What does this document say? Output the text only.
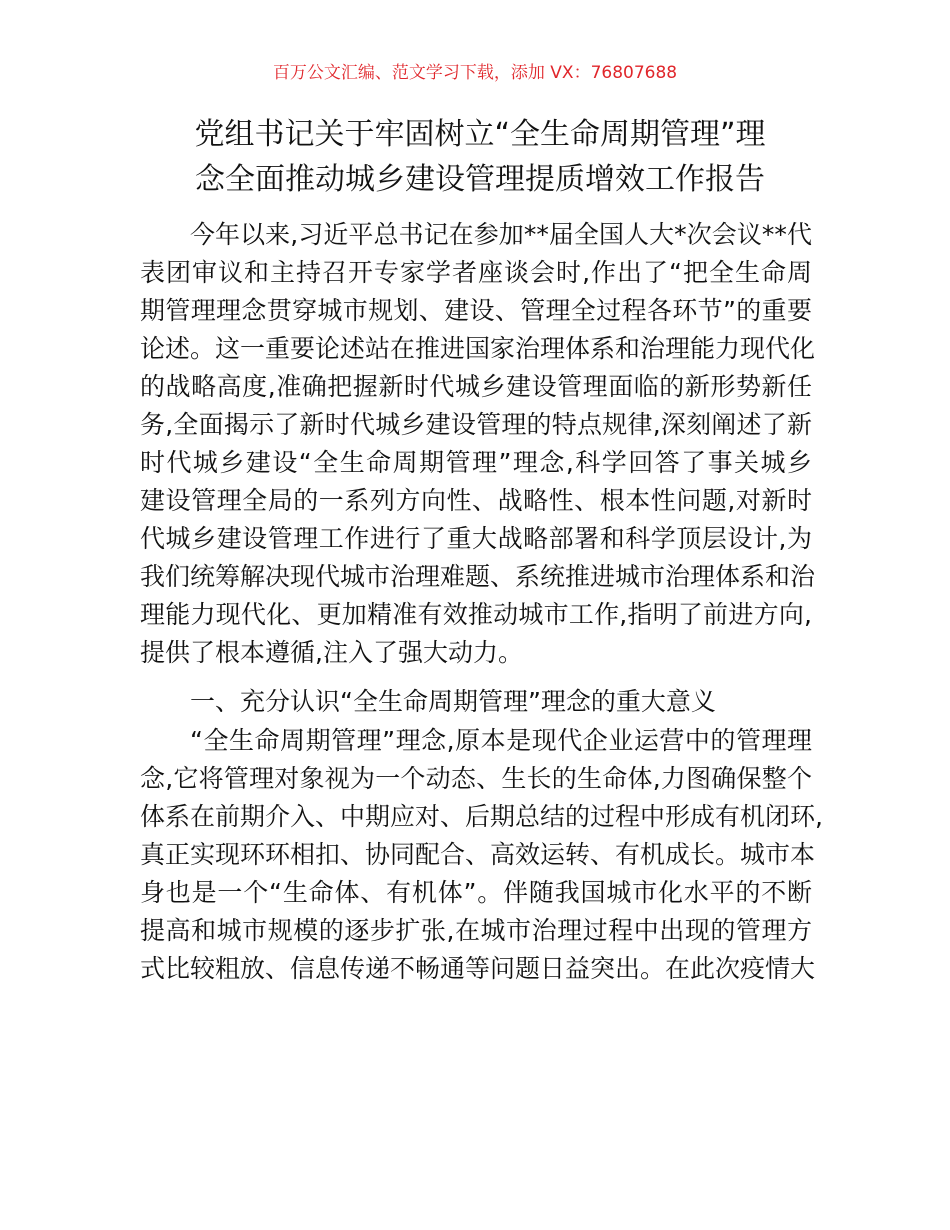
百万公文汇编、范文学习下载，添加 VX：76807688
党组书记关于牢固树立“全生命周期管理”理
念全面推动城乡建设管理提质增效工作报告
今年以来,习近平总书记在参加**届全国人大*次会议**代
表团审议和主持召开专家学者座谈会时,作出了“把全生命周
期管理理念贯穿城市规划、建设、管理全过程各环节”的重要
论述。这一重要论述站在推进国家治理体系和治理能力现代化
的战略高度,准确把握新时代城乡建设管理面临的新形势新任
务,全面揭示了新时代城乡建设管理的特点规律,深刻阐述了新
时代城乡建设“全生命周期管理”理念,科学回答了事关城乡
建设管理全局的一系列方向性、战略性、根本性问题,对新时
代城乡建设管理工作进行了重大战略部署和科学顶层设计,为
我们统筹解决现代城市治理难题、系统推进城市治理体系和治
理能力现代化、更加精准有效推动城市工作,指明了前进方向,
提供了根本遵循,注入了强大动力。
一、充分认识“全生命周期管理”理念的重大意义
“全生命周期管理”理念,原本是现代企业运营中的管理理
念,它将管理对象视为一个动态、生长的生命体,力图确保整个
体系在前期介入、中期应对、后期总结的过程中形成有机闭环,
真正实现环环相扣、协同配合、高效运转、有机成长。城市本
身也是一个“生命体、有机体”。伴随我国城市化水平的不断
提高和城市规模的逐步扩张,在城市治理过程中出现的管理方
式比较粗放、信息传递不畅通等问题日益突出。在此次疫情大
